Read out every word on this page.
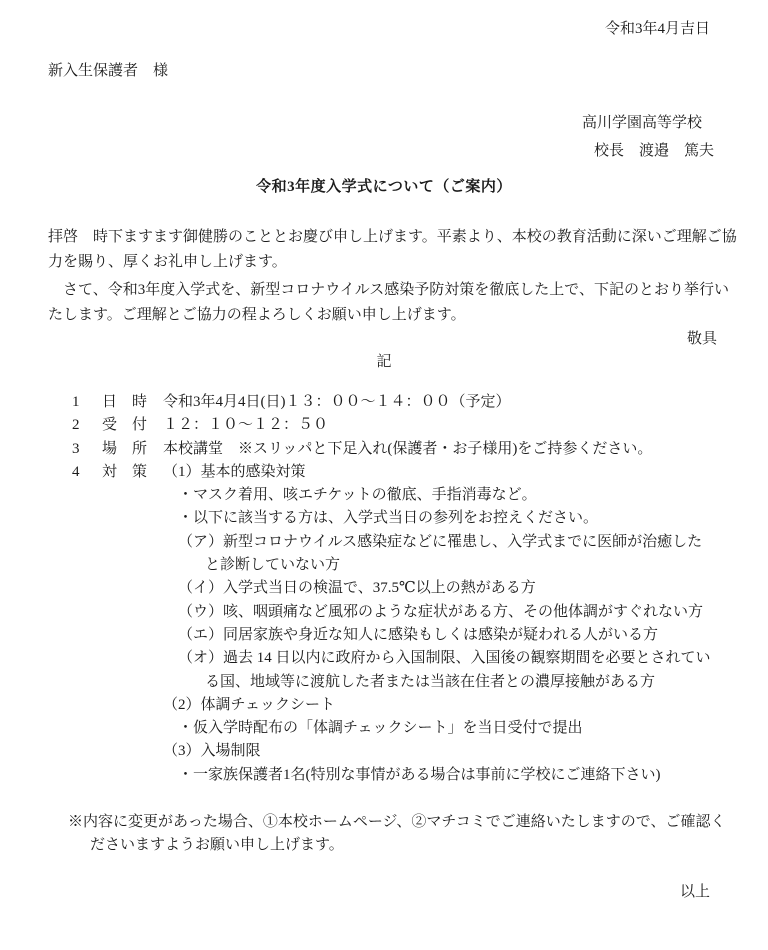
令和3年4月吉日
新入生保護者　様
高川学園高等学校
校長　渡邉　篤夫
令和3年度入学式について（ご案内）
拝啓　時下ますます御健勝のこととお慶び申し上げます。平素より、本校の教育活動に深いご理解ご協
力を賜り、厚くお礼申し上げます。
　さて、令和3年度入学式を、新型コロナウイルス感染予防対策を徹底した上で、下記のとおり挙行い
たします。ご理解とご協力の程よろしくお願い申し上げます。
敬具
記
1	日　時	令和3年4月4日(日)１３：００～１４：００（予定）
2	受　付	１２：１０～１２：５０
3	場　所	本校講堂　※スリッパと下足入れ(保護者・お子様用)をご持参ください。
4	対　策	（1）基本的感染対策
・マスク着用、咳エチケットの徹底、手指消毒など。
・以下に該当する方は、入学式当日の参列をお控えください。
（ア）新型コロナウイルス感染症などに罹患し、入学式までに医師が治癒した
と診断していない方
（イ）入学式当日の検温で、37.5℃以上の熱がある方
（ウ）咳、咽頭痛など風邪のような症状がある方、その他体調がすぐれない方
（エ）同居家族や身近な知人に感染もしくは感染が疑われる人がいる方
（オ）過去 14 日以内に政府から入国制限、入国後の観察期間を必要とされてい
る国、地域等に渡航した者または当該在住者との濃厚接触がある方
（2）体調チェックシート
・仮入学時配布の「体調チェックシート」を当日受付で提出
（3）入場制限
・一家族保護者1名(特別な事情がある場合は事前に学校にご連絡下さい)
※内容に変更があった場合、①本校ホームページ、②マチコミでご連絡いたしますので、ご確認く
ださいますようお願い申し上げます。
以上
